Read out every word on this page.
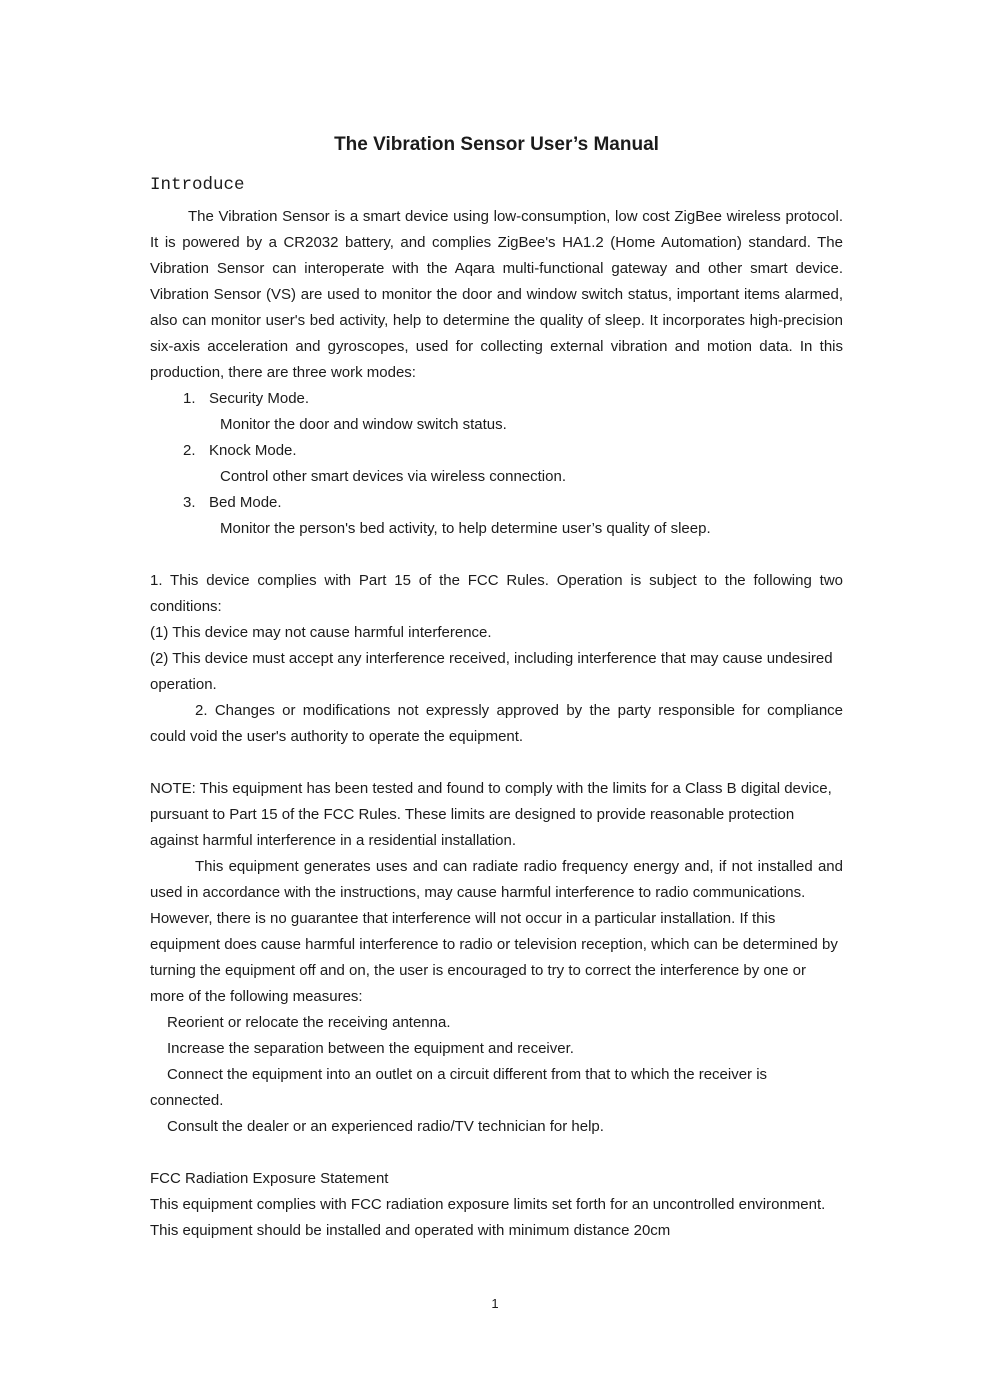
The Vibration Sensor User’s Manual
Introduce

The Vibration Sensor is a smart device using low-consumption, low cost ZigBee wireless protocol. It is powered by a CR2032 battery, and complies ZigBee's HA1.2 (Home Automation) standard. The Vibration Sensor can interoperate with the Aqara multi-functional gateway and other smart device. Vibration Sensor (VS) are used to monitor the door and window switch status, important items alarmed, also can monitor user's bed activity, help to determine the quality of sleep. It incorporates high-precision six-axis acceleration and gyroscopes, used for collecting external vibration and motion data. In this production, there are three work modes:

1. Security Mode.

Monitor the door and window switch status.

2. Knock Mode.

Control other smart devices via wireless connection.

3. Bed Mode.

Monitor the person's bed activity, to help determine user’s quality of sleep.

1. This device complies with Part 15 of the FCC Rules. Operation is subject to the following two conditions:

(1) This device may not cause harmful interference.

(2) This device must accept any interference received, including interference that may cause undesired operation.

2. Changes or modifications not expressly approved by the party responsible for compliance could void the user's authority to operate the equipment.

NOTE: This equipment has been tested and found to comply with the limits for a Class B digital device, pursuant to Part 15 of the FCC Rules. These limits are designed to provide reasonable protection against harmful interference in a residential installation.

This equipment generates uses and can radiate radio frequency energy and, if not installed and used in accordance with the instructions, may cause harmful interference to radio communications.

However, there is no guarantee that interference will not occur in a particular installation. If this equipment does cause harmful interference to radio or television reception, which can be determined by turning the equipment off and on, the user is encouraged to try to correct the interference by one or more of the following measures:

Reorient or relocate the receiving antenna.

Increase the separation between the equipment and receiver.

Connect the equipment into an outlet on a circuit different from that to which the receiver is connected.

Consult the dealer or an experienced radio/TV technician for help.

FCC Radiation Exposure Statement

This equipment complies with FCC radiation exposure limits set forth for an uncontrolled environment. This equipment should be installed and operated with minimum distance 20cm

1
